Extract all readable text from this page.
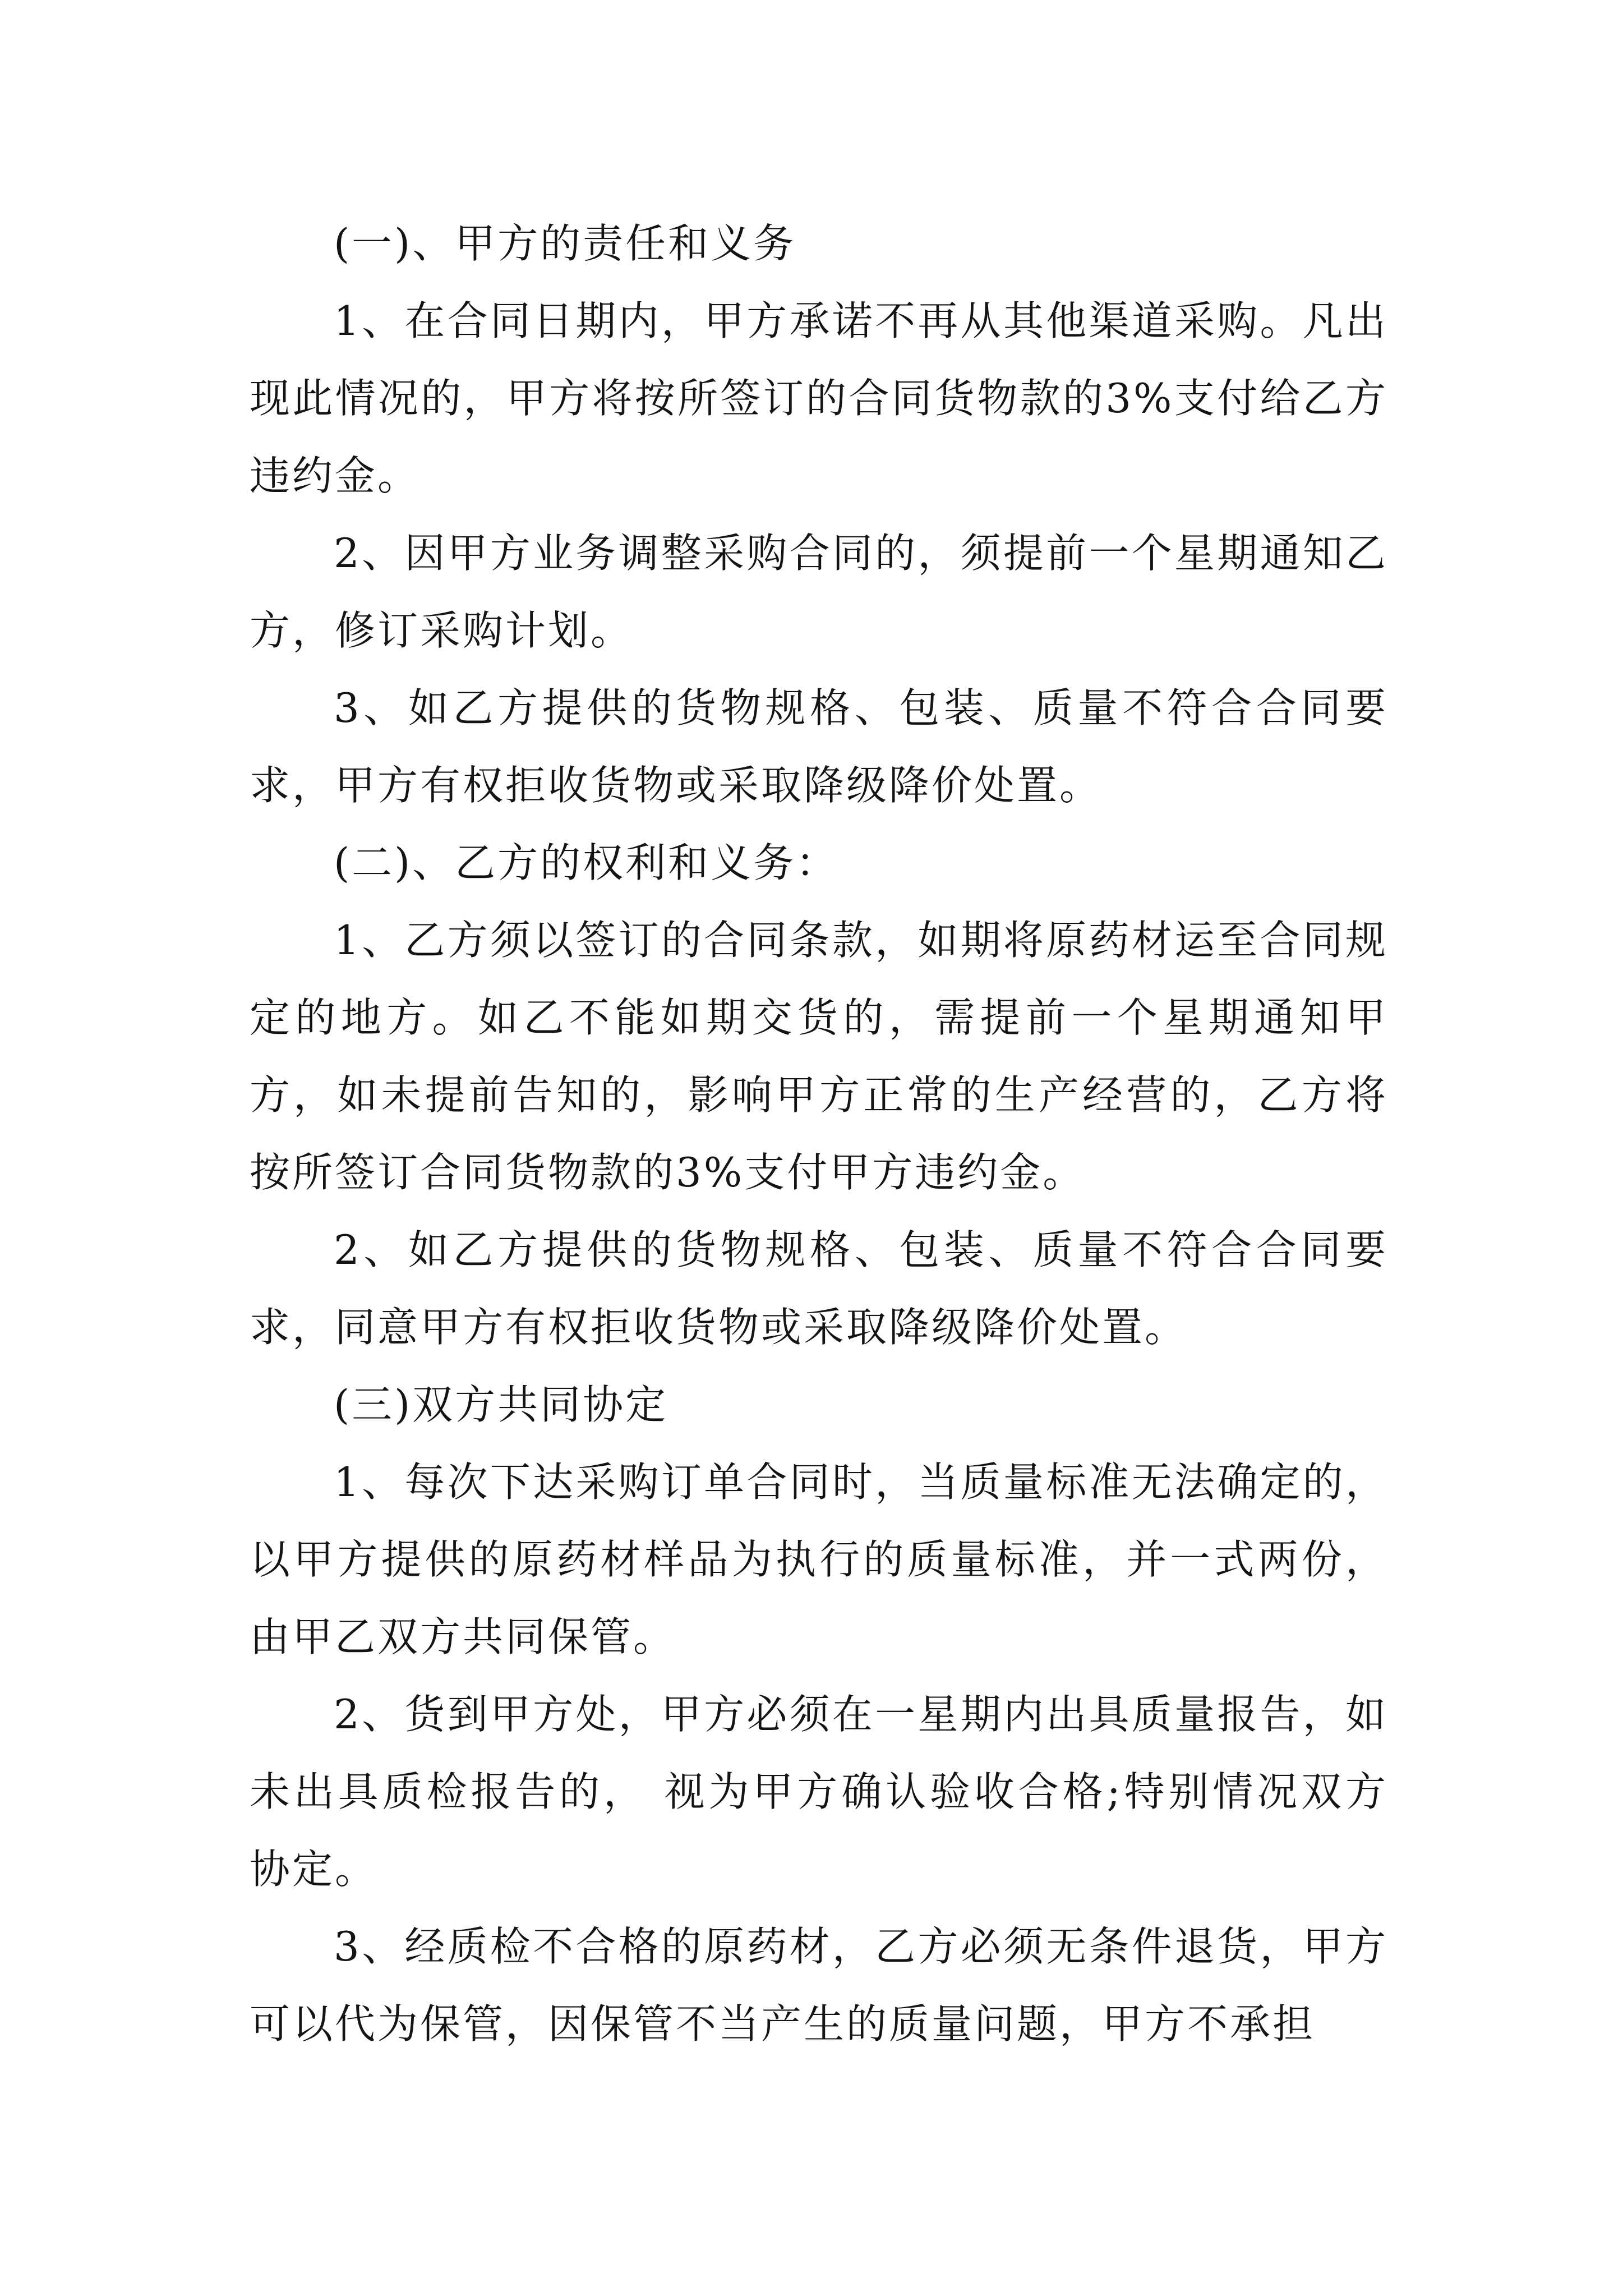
(一)、甲方的责任和义务

1、在合同日期内，甲方承诺不再从其他渠道采购。凡出现此情况的，甲方将按所签订的合同货物款的3%支付给乙方违约金。

2、因甲方业务调整采购合同的，须提前一个星期通知乙方，修订采购计划。

3、如乙方提供的货物规格、包装、质量不符合合同要求，甲方有权拒收货物或采取降级降价处置。

(二)、乙方的权利和义务：

1、乙方须以签订的合同条款，如期将原药材运至合同规定的地方。如乙不能如期交货的，需提前一个星期通知甲方，如未提前告知的，影响甲方正常的生产经营的，乙方将按所签订合同货物款的3%支付甲方违约金。

2、如乙方提供的货物规格、包装、质量不符合合同要求，同意甲方有权拒收货物或采取降级降价处置。

(三)双方共同协定

1、每次下达采购订单合同时，当质量标准无法确定的，以甲方提供的原药材样品为执行的质量标准，并一式两份，由甲乙双方共同保管。

2、货到甲方处，甲方必须在一星期内出具质量报告，如未出具质检报告的， 视为甲方确认验收合格;特别情况双方协定。

3、经质检不合格的原药材，乙方必须无条件退货，甲方可以代为保管，因保管不当产生的质量问题，甲方不承担
